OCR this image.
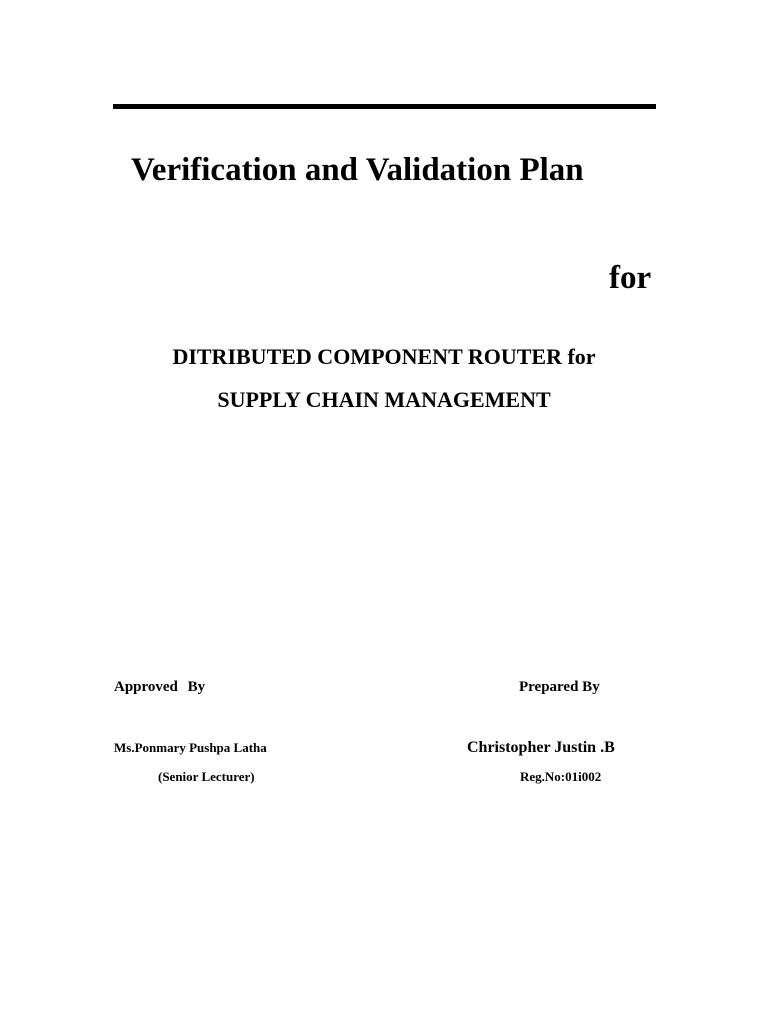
Verification and Validation Plan
for
DITRIBUTED COMPONENT ROUTER for
SUPPLY CHAIN MANAGEMENT
Approved By	Prepared By
Ms.Ponmary Pushpa Latha
(Senior Lecturer)
Christopher Justin .B
Reg.No:01i002
